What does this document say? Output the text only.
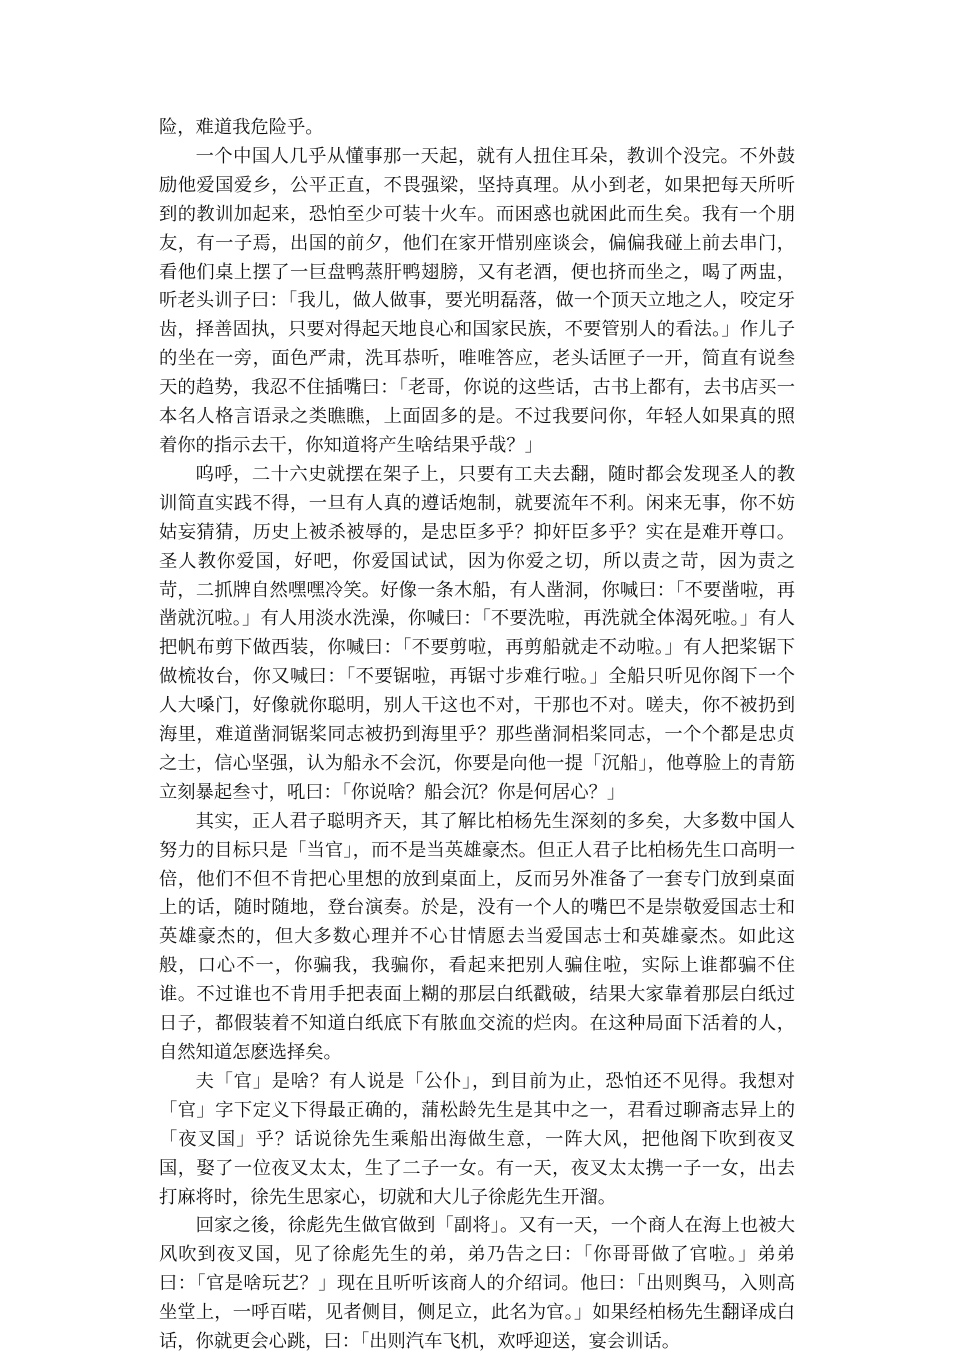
险，难道我危险乎。

一个中国人几乎从懂事那一天起，就有人扭住耳朵，教训个没完。不外鼓励他爱国爱乡，公平正直，不畏强梁，坚持真理。从小到老，如果把每天所听到的教训加起来，恐怕至少可装十火车。而困惑也就困此而生矣。我有一个朋友，有一子焉，出国的前夕，他们在家开惜别座谈会，偏偏我碰上前去串门，看他们桌上摆了一巨盘鸭蒸肝鸭翅膀，又有老酒，便也挤而坐之，喝了两盅，听老头训子曰：「我儿，做人做事，要光明磊落，做一个顶天立地之人，咬定牙齿，择善固执，只要对得起天地良心和国家民族，不要管别人的看法。」作儿子的坐在一旁，面色严肃，洗耳恭听，唯唯答应，老头话匣子一开，简直有说叁天的趋势，我忍不住插嘴曰：「老哥，你说的这些话，古书上都有，去书店买一本名人格言语录之类瞧瞧，上面固多的是。不过我要问你，年轻人如果真的照着你的指示去干，你知道将产生啥结果乎哉？」

呜呼，二十六史就摆在架子上，只要有工夫去翻，随时都会发现圣人的教训简直实践不得，一旦有人真的遵话炮制，就要流年不利。闲来无事，你不妨姑妄猜猜，历史上被杀被辱的，是忠臣多乎？抑奸臣多乎？实在是难开尊口。圣人教你爱国，好吧，你爱国试试，因为你爱之切，所以责之苛，因为责之苛，二抓牌自然嘿嘿冷笑。好像一条木船，有人凿洞，你喊曰：「不要凿啦，再凿就沉啦。」有人用淡水洗澡，你喊曰：「不要洗啦，再洗就全体渴死啦。」有人把帆布剪下做西装，你喊曰：「不要剪啦，再剪船就走不动啦。」有人把桨锯下做梳妆台，你又喊曰：「不要锯啦，再锯寸步难行啦。」全船只听见你阁下一个人大嗓门，好像就你聪明，别人干这也不对，干那也不对。嗟夫，你不被扔到海里，难道凿洞锯桨同志被扔到海里乎？那些凿洞梠桨同志，一个个都是忠贞之士，信心坚强，认为船永不会沉，你要是向他一提「沉船」，他尊脸上的青筋立刻暴起叁寸，吼曰：「你说啥？船会沉？你是何居心？」

其实，正人君子聪明齐天，其了解比柏杨先生深刻的多矣，大多数中国人努力的目标只是「当官」，而不是当英雄豪杰。但正人君子比柏杨先生口高明一倍，他们不但不肯把心里想的放到桌面上，反而另外准备了一套专门放到桌面上的话，随时随地，登台演奏。於是，没有一个人的嘴巴不是崇敬爱国志士和英雄豪杰的，但大多数心理并不心甘情愿去当爱国志士和英雄豪杰。如此这般，口心不一，你骗我，我骗你，看起来把别人骗住啦，实际上谁都骗不住谁。不过谁也不肯用手把表面上糊的那层白纸戳破，结果大家靠着那层白纸过日子，都假装着不知道白纸底下有脓血交流的烂肉。在这种局面下活着的人，自然知道怎麽选择矣。

夫「官」是啥？有人说是「公仆」，到目前为止，恐怕还不见得。我想对「官」字下定义下得最正确的，蒲松龄先生是其中之一，君看过聊斋志异上的「夜叉国」乎？话说徐先生乘船出海做生意，一阵大风，把他阁下吹到夜叉国，娶了一位夜叉太太，生了二子一女。有一天，夜叉太太携一子一女，出去打麻将时，徐先生思家心，切就和大儿子徐彪先生开溜。

回家之後，徐彪先生做官做到「副将」。又有一天，一个商人在海上也被大风吹到夜叉国，见了徐彪先生的弟，弟乃告之曰：「你哥哥做了官啦。」弟弟曰：「官是啥玩艺？」现在且听听该商人的介绍词。他曰：「出则舆马，入则高坐堂上，一呼百喏，见者侧目，侧足立，此名为官。」如果经柏杨先生翻译成白话，你就更会心跳，曰：「出则汽车飞机，欢呼迎送，宴会训话。
